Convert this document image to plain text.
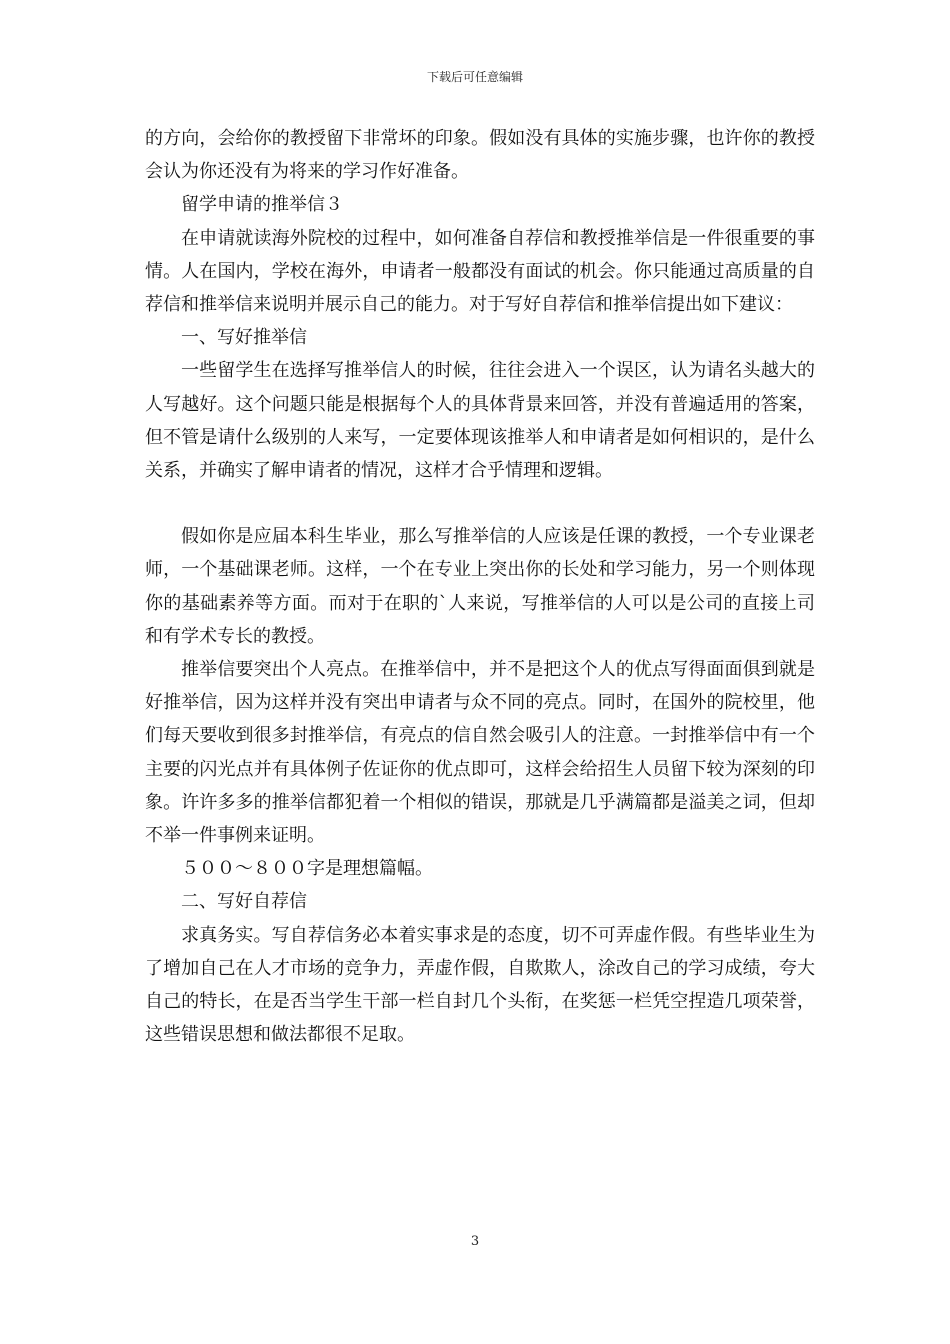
下载后可任意编辑

的方向，会给你的教授留下非常坏的印象。假如没有具体的实施步骤，也许你的教授会认为你还没有为将来的学习作好准备。

留学申请的推举信３

在申请就读海外院校的过程中，如何准备自荐信和教授推举信是一件很重要的事情。人在国内，学校在海外，申请者一般都没有面试的机会。你只能通过高质量的自荐信和推举信来说明并展示自己的能力。对于写好自荐信和推举信提出如下建议：

一、写好推举信

一些留学生在选择写推举信人的时候，往往会进入一个误区，认为请名头越大的人写越好。这个问题只能是根据每个人的具体背景来回答，并没有普遍适用的答案，但不管是请什么级别的人来写，一定要体现该推举人和申请者是如何相识的，是什么关系，并确实了解申请者的情况，这样才合乎情理和逻辑。

假如你是应届本科生毕业，那么写推举信的人应该是任课的教授，一个专业课老师，一个基础课老师。这样，一个在专业上突出你的长处和学习能力，另一个则体现你的基础素养等方面。而对于在职的`人来说，写推举信的人可以是公司的直接上司和有学术专长的教授。

推举信要突出个人亮点。在推举信中，并不是把这个人的优点写得面面俱到就是好推举信，因为这样并没有突出申请者与众不同的亮点。同时，在国外的院校里，他们每天要收到很多封推举信，有亮点的信自然会吸引人的注意。一封推举信中有一个主要的闪光点并有具体例子佐证你的优点即可，这样会给招生人员留下较为深刻的印象。许许多多的推举信都犯着一个相似的错误，那就是几乎满篇都是溢美之词，但却不举一件事例来证明。

５００～８００字是理想篇幅。

二、写好自荐信

求真务实。写自荐信务必本着实事求是的态度，切不可弄虚作假。有些毕业生为了增加自己在人才市场的竞争力，弄虚作假，自欺欺人，涂改自己的学习成绩，夸大自己的特长，在是否当学生干部一栏自封几个头衔，在奖惩一栏凭空捏造几项荣誉，这些错误思想和做法都很不足取。

3
